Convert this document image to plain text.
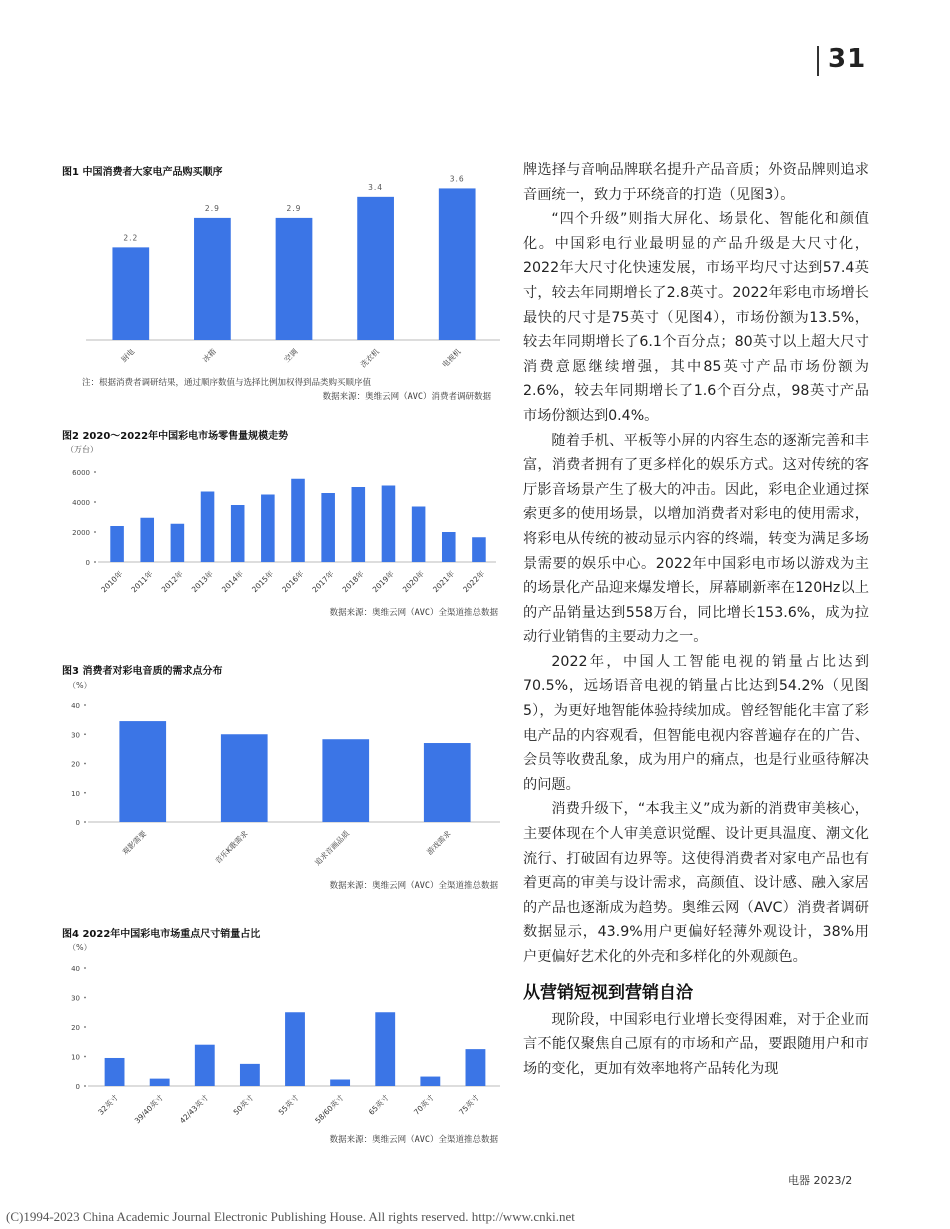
31
图1 中国消费者大家电产品购买顺序
2.2
厨电
2.9
冰箱
2.9
空调
3.4
洗衣机
3.6
电视机
注：根据消费者调研结果，通过顺序数值与选择比例加权得到品类购买顺序值
数据来源：奥维云网（AVC）消费者调研数据
图2 2020～2022年中国彩电市场零售量规模走势
（万台）
0
2000
4000
6000
2010年 2011年 2012年 2013年 2014年 2015年 2016年 2017年 2018年 2019年 2020年 2021年 2022年
数据来源：奥维云网（AVC）全渠道推总数据
图3 消费者对彩电音质的需求点分布
（%）
0
10
20
30
40
观影需要	音乐K歌需求	追求音画品质	游戏需求
数据来源：奥维云网（AVC）全渠道推总数据
图4 2022年中国彩电市场重点尺寸销量占比
（%）
0
10
20
30
40
32英寸 39/40英寸 42/43英寸	50英寸	55英寸 58/60英寸	65英寸	70英寸	75英寸
数据来源：奥维云网（AVC）全渠道推总数据

牌选择与音响品牌联名提升产品音质；外资品牌则追求音画统一，致力于环绕音的打造（见图3）。

“四个升级”则指大屏化、场景化、智能化和颜值化。中国彩电行业最明显的产品升级是大尺寸化，2022年大尺寸化快速发展，市场平均尺寸达到57.4英寸，较去年同期增长了2.8英寸。2022年彩电市场增长最快的尺寸是75英寸（见图4），市场份额为13.5%，较去年同期增长了6.1个百分点；80英寸以上超大尺寸消费意愿继续增强，其中85英寸产品市场份额为2.6%，较去年同期增长了1.6个百分点，98英寸产品市场份额达到0.4%。

随着手机、平板等小屏的内容生态的逐渐完善和丰富，消费者拥有了更多样化的娱乐方式。这对传统的客厅影音场景产生了极大的冲击。因此，彩电企业通过探索更多的使用场景，以增加消费者对彩电的使用需求，将彩电从传统的被动显示内容的终端，转变为满足多场景需要的娱乐中心。2022年中国彩电市场以游戏为主的场景化产品迎来爆发增长，屏幕刷新率在120Hz以上的产品销量达到558万台，同比增长153.6%，成为拉动行业销售的主要动力之一。

2022年，中国人工智能电视的销量占比达到70.5%，远场语音电视的销量占比达到54.2%（见图5），为更好地智能体验持续加成。曾经智能化丰富了彩电产品的内容观看，但智能电视内容普遍存在的广告、会员等收费乱象，成为用户的痛点，也是行业亟待解决的问题。

消费升级下，“本我主义”成为新的消费审美核心，主要体现在个人审美意识觉醒、设计更具温度、潮文化流行、打破固有边界等。这使得消费者对家电产品也有着更高的审美与设计需求，高颜值、设计感、融入家居的产品也逐渐成为趋势。奥维云网（AVC）消费者调研数据显示，43.9%用户更偏好轻薄外观设计，38%用户更偏好艺术化的外壳和多样化的外观颜色。

从营销短视到营销自洽

现阶段，中国彩电行业增长变得困难，对于企业而言不能仅聚焦自己原有的市场和产品，要跟随用户和市场的变化，更加有效率地将产品转化为现

电器 2023/2
(C)1994-2023 China Academic Journal Electronic Publishing House. All rights reserved. http://www.cnki.net
